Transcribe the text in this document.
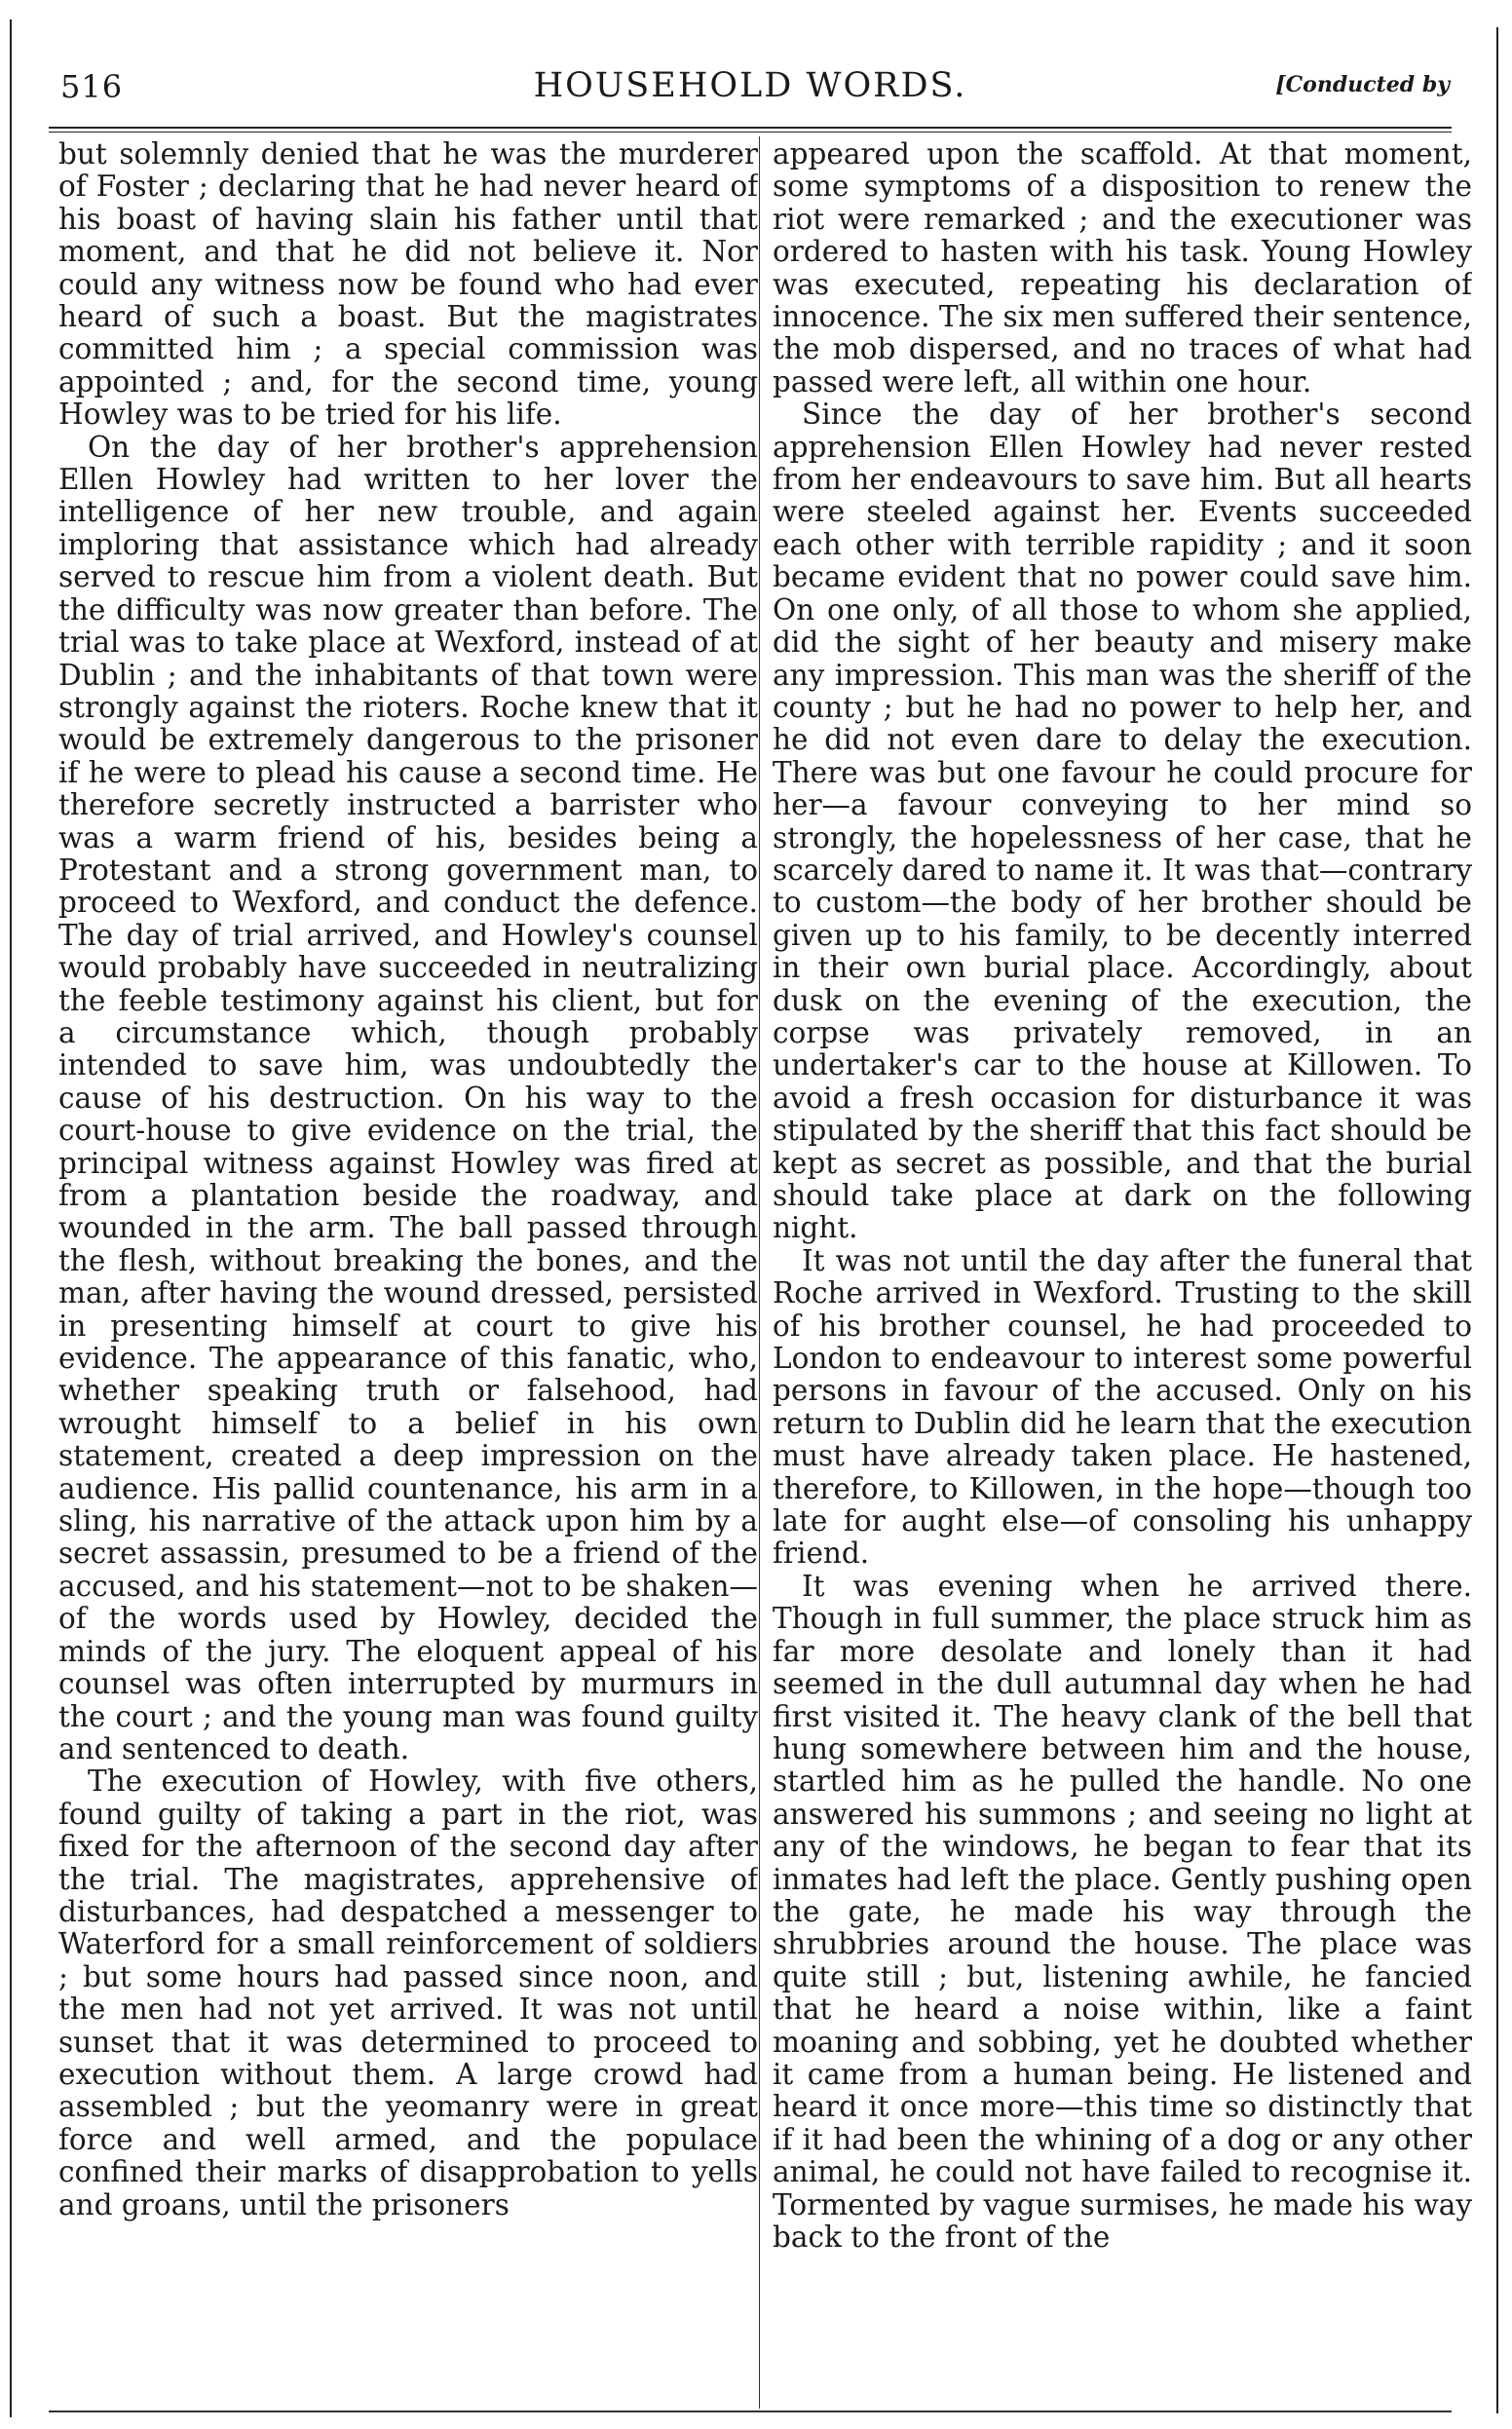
516	HOUSEHOLD WORDS.	[Conducted by

but solemnly denied that he was the murderer of Foster ; declaring that he had never heard of his boast of having slain his father until that moment, and that he did not believe it. Nor could any witness now be found who had ever heard of such a boast. But the magistrates committed him ; a special commission was appointed ; and, for the second time, young Howley was to be tried for his life.

On the day of her brother's apprehension Ellen Howley had written to her lover the intelligence of her new trouble, and again imploring that assistance which had already served to rescue him from a violent death. But the difficulty was now greater than before. The trial was to take place at Wexford, instead of at Dublin ; and the inhabitants of that town were strongly against the rioters. Roche knew that it would be extremely dangerous to the prisoner if he were to plead his cause a second time. He therefore secretly instructed a barrister who was a warm friend of his, besides being a Protestant and a strong government man, to proceed to Wexford, and conduct the defence. The day of trial arrived, and Howley's counsel would probably have succeeded in neutralizing the feeble testimony against his client, but for a circumstance which, though probably intended to save him, was undoubtedly the cause of his destruction. On his way to the court-house to give evidence on the trial, the principal witness against Howley was fired at from a plantation beside the roadway, and wounded in the arm. The ball passed through the flesh, without breaking the bones, and the man, after having the wound dressed, persisted in presenting himself at court to give his evidence. The appearance of this fanatic, who, whether speaking truth or falsehood, had wrought himself to a belief in his own statement, created a deep impression on the audience. His pallid countenance, his arm in a sling, his narrative of the attack upon him by a secret assassin, presumed to be a friend of the accused, and his statement—not to be shaken—of the words used by Howley, decided the minds of the jury. The eloquent appeal of his counsel was often interrupted by murmurs in the court ; and the young man was found guilty and sentenced to death.

The execution of Howley, with five others, found guilty of taking a part in the riot, was fixed for the afternoon of the second day after the trial. The magistrates, apprehensive of disturbances, had despatched a messenger to Waterford for a small reinforcement of soldiers ; but some hours had passed since noon, and the men had not yet arrived. It was not until sunset that it was determined to proceed to execution without them. A large crowd had assembled ; but the yeomanry were in great force and well armed, and the populace confined their marks of disapprobation to yells and groans, until the prisoners

appeared upon the scaffold. At that moment, some symptoms of a disposition to renew the riot were remarked ; and the executioner was ordered to hasten with his task. Young Howley was executed, repeating his declaration of innocence. The six men suffered their sentence, the mob dispersed, and no traces of what had passed were left, all within one hour.

Since the day of her brother's second apprehension Ellen Howley had never rested from her endeavours to save him. But all hearts were steeled against her. Events succeeded each other with terrible rapidity ; and it soon became evident that no power could save him. On one only, of all those to whom she applied, did the sight of her beauty and misery make any impression. This man was the sheriff of the county ; but he had no power to help her, and he did not even dare to delay the execution. There was but one favour he could procure for her—a favour conveying to her mind so strongly, the hopelessness of her case, that he scarcely dared to name it. It was that—contrary to custom—the body of her brother should be given up to his family, to be decently interred in their own burial place. Accordingly, about dusk on the evening of the execution, the corpse was privately removed, in an undertaker's car to the house at Killowen. To avoid a fresh occasion for disturbance it was stipulated by the sheriff that this fact should be kept as secret as possible, and that the burial should take place at dark on the following night.

It was not until the day after the funeral that Roche arrived in Wexford. Trusting to the skill of his brother counsel, he had proceeded to London to endeavour to interest some powerful persons in favour of the accused. Only on his return to Dublin did he learn that the execution must have already taken place. He hastened, therefore, to Killowen, in the hope—though too late for aught else—of consoling his unhappy friend.

It was evening when he arrived there. Though in full summer, the place struck him as far more desolate and lonely than it had seemed in the dull autumnal day when he had first visited it. The heavy clank of the bell that hung somewhere between him and the house, startled him as he pulled the handle. No one answered his summons ; and seeing no light at any of the windows, he began to fear that its inmates had left the place. Gently pushing open the gate, he made his way through the shrubbries around the house. The place was quite still ; but, listening awhile, he fancied that he heard a noise within, like a faint moaning and sobbing, yet he doubted whether it came from a human being. He listened and heard it once more—this time so distinctly that if it had been the whining of a dog or any other animal, he could not have failed to recognise it. Tormented by vague surmises, he made his way back to the front of the
